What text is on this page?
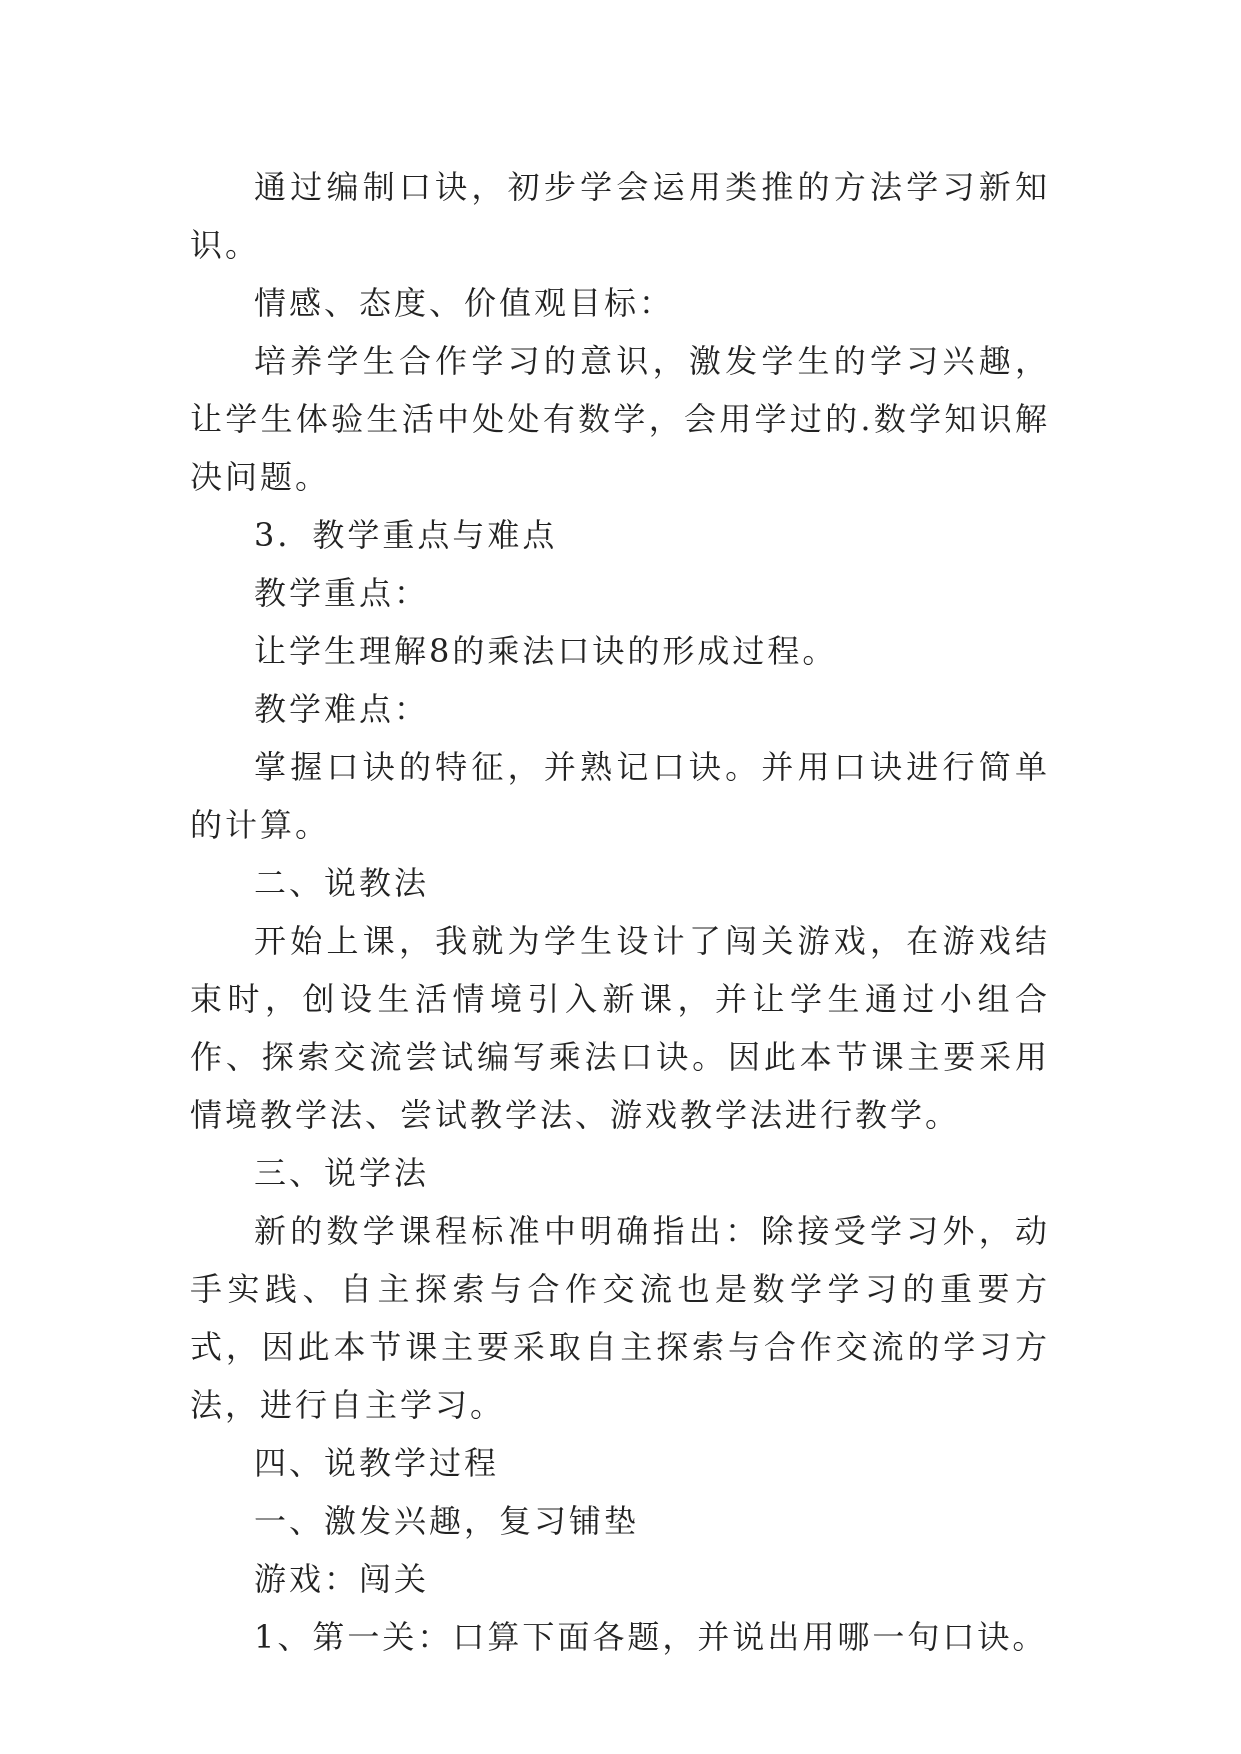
通过编制口诀，初步学会运用类推的方法学习新知识。

情感、态度、价值观目标：

培养学生合作学习的意识，激发学生的学习兴趣，让学生体验生活中处处有数学，会用学过的.数学知识解决问题。

3．教学重点与难点

教学重点：

让学生理解8的乘法口诀的形成过程。

教学难点：

掌握口诀的特征，并熟记口诀。并用口诀进行简单的计算。

二、说教法

开始上课，我就为学生设计了闯关游戏，在游戏结束时，创设生活情境引入新课，并让学生通过小组合作、探索交流尝试编写乘法口诀。因此本节课主要采用情境教学法、尝试教学法、游戏教学法进行教学。

三、说学法

新的数学课程标准中明确指出：除接受学习外，动手实践、自主探索与合作交流也是数学学习的重要方式，因此本节课主要采取自主探索与合作交流的学习方法，进行自主学习。

四、说教学过程

一、激发兴趣，复习铺垫

游戏：闯关

1、第一关：口算下面各题，并说出用哪一句口诀。
